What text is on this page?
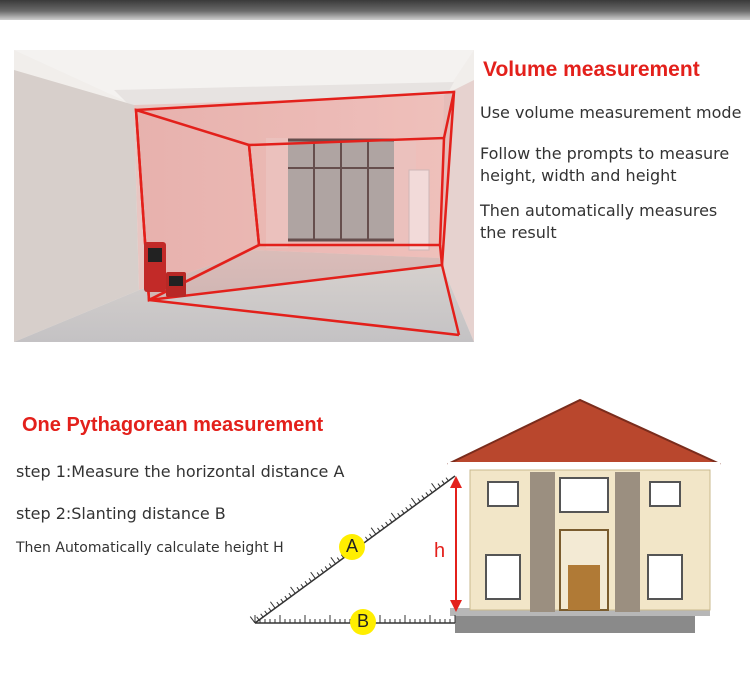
Volume measurement
Use volume measurement mode
Follow the prompts to measure
height, width and height
Then automatically measures
the result
One Pythagorean measurement
step 1:Measure the horizontal distance A
step 2:Slanting distance B
Then Automatically calculate height H	A
B
h
